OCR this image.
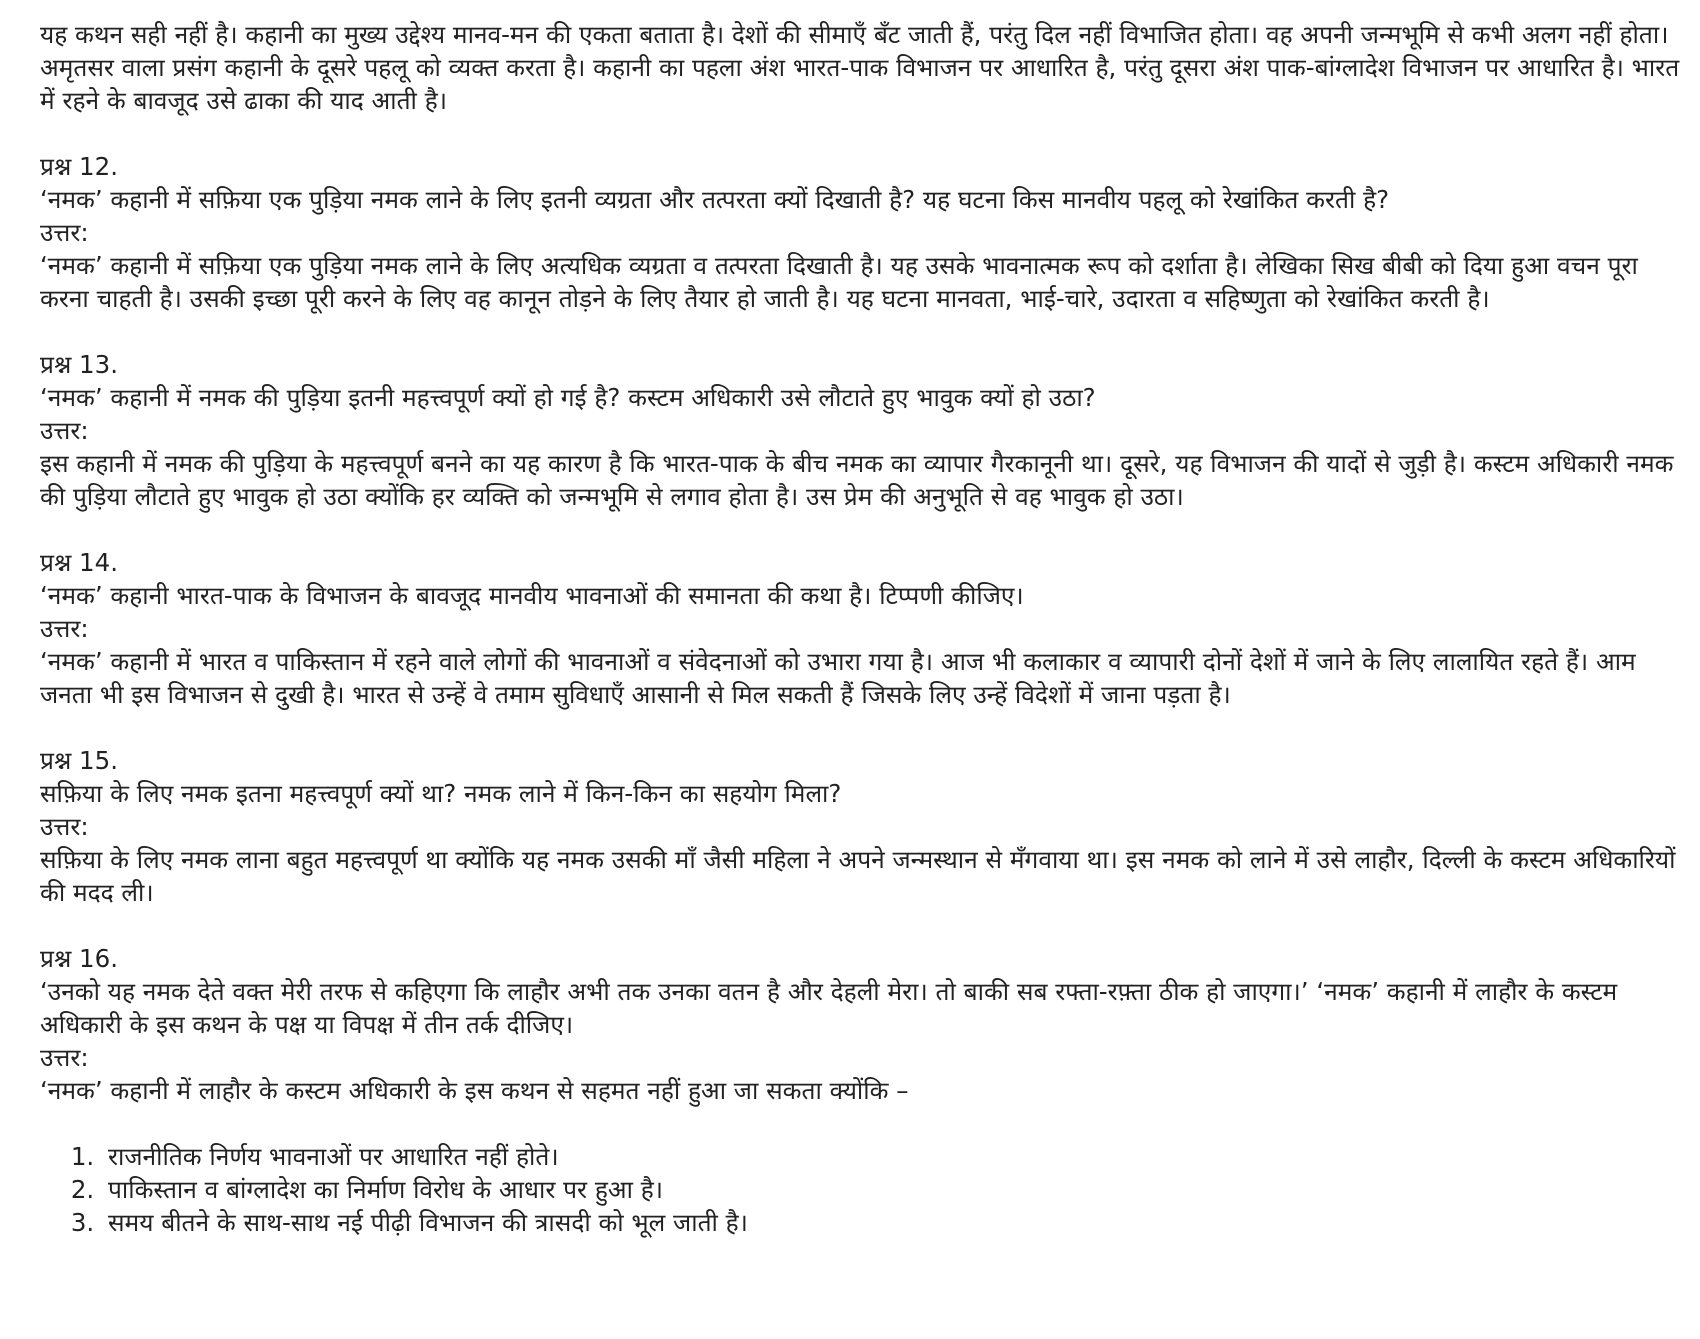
यह कथन सही नहीं है। कहानी का मुख्य उद्देश्य मानव-मन की एकता बताता है। देशों की सीमाएँ बँट जाती हैं, परंतु दिल नहीं विभाजित होता। वह अपनी जन्मभूमि से कभी अलग नहीं होता। अमृतसर वाला प्रसंग कहानी के दूसरे पहलू को व्यक्त करता है। कहानी का पहला अंश भारत-पाक विभाजन पर आधारित है, परंतु दूसरा अंश पाक-बांग्लादेश विभाजन पर आधारित है। भारत में रहने के बावजूद उसे ढाका की याद आती है।

प्रश्न 12.

‘नमक’ कहानी में सफ़िया एक पुड़िया नमक लाने के लिए इतनी व्यग्रता और तत्परता क्यों दिखाती है? यह घटना किस मानवीय पहलू को रेखांकित करती है?

उत्तर:

‘नमक’ कहानी में सफ़िया एक पुड़िया नमक लाने के लिए अत्यधिक व्यग्रता व तत्परता दिखाती है। यह उसके भावनात्मक रूप को दर्शाता है। लेखिका सिख बीबी को दिया हुआ वचन पूरा करना चाहती है। उसकी इच्छा पूरी करने के लिए वह कानून तोड़ने के लिए तैयार हो जाती है। यह घटना मानवता, भाई-चारे, उदारता व सहिष्णुता को रेखांकित करती है।

प्रश्न 13.

‘नमक’ कहानी में नमक की पुड़िया इतनी महत्त्वपूर्ण क्यों हो गई है? कस्टम अधिकारी उसे लौटाते हुए भावुक क्यों हो उठा?

उत्तर:

इस कहानी में नमक की पुड़िया के महत्त्वपूर्ण बनने का यह कारण है कि भारत-पाक के बीच नमक का व्यापार गैरकानूनी था। दूसरे, यह विभाजन की यादों से जुड़ी है। कस्टम अधिकारी नमक की पुड़िया लौटाते हुए भावुक हो उठा क्योंकि हर व्यक्ति को जन्मभूमि से लगाव होता है। उस प्रेम की अनुभूति से वह भावुक हो उठा।

प्रश्न 14.

‘नमक’ कहानी भारत-पाक के विभाजन के बावजूद मानवीय भावनाओं की समानता की कथा है। टिप्पणी कीजिए।

उत्तर:

‘नमक’ कहानी में भारत व पाकिस्तान में रहने वाले लोगों की भावनाओं व संवेदनाओं को उभारा गया है। आज भी कलाकार व व्यापारी दोनों देशों में जाने के लिए लालायित रहते हैं। आम जनता भी इस विभाजन से दुखी है। भारत से उन्हें वे तमाम सुविधाएँ आसानी से मिल सकती हैं जिसके लिए उन्हें विदेशों में जाना पड़ता है।

प्रश्न 15.

सफ़िया के लिए नमक इतना महत्त्वपूर्ण क्यों था? नमक लाने में किन-किन का सहयोग मिला?

उत्तर:

सफ़िया के लिए नमक लाना बहुत महत्त्वपूर्ण था क्योंकि यह नमक उसकी माँ जैसी महिला ने अपने जन्मस्थान से मँगवाया था। इस नमक को लाने में उसे लाहौर, दिल्ली के कस्टम अधिकारियों की मदद ली।

प्रश्न 16.

‘उनको यह नमक देते वक्त मेरी तरफ से कहिएगा कि लाहौर अभी तक उनका वतन है और देहली मेरा। तो बाकी सब रफ्ता-रफ़्ता ठीक हो जाएगा।’ ‘नमक’ कहानी में लाहौर के कस्टम अधिकारी के इस कथन के पक्ष या विपक्ष में तीन तर्क दीजिए।

उत्तर:

‘नमक’ कहानी में लाहौर के कस्टम अधिकारी के इस कथन से सहमत नहीं हुआ जा सकता क्योंकि –

1. राजनीतिक निर्णय भावनाओं पर आधारित नहीं होते।
2. पाकिस्तान व बांग्लादेश का निर्माण विरोध के आधार पर हुआ है।
3. समय बीतने के साथ-साथ नई पीढ़ी विभाजन की त्रासदी को भूल जाती है।
